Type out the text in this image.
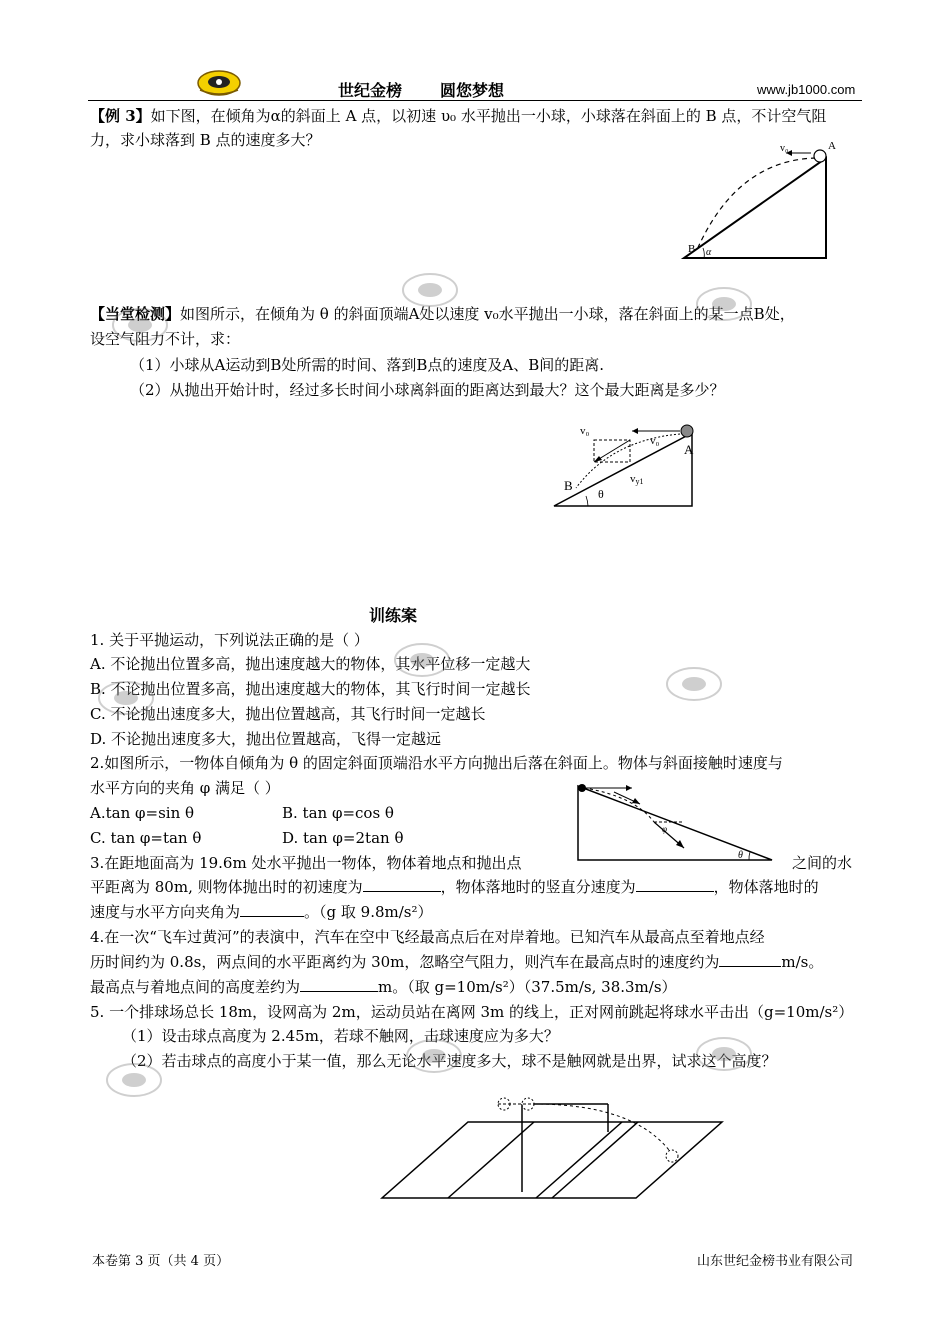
世纪金榜 圆您梦想	www.jb1000.com
【例 3】如下图，在倾角为α的斜面上 A 点，以初速 υ₀ 水平抛出一小球，小球落在斜面上的 B 点，不计空气阻
力，求小球落到 B 点的速度多大？	v₀	A
B α
【当堂检测】如图所示，在倾角为 θ 的斜面顶端A处以速度 v₀水平抛出一小球，落在斜面上的某一点B处，
设空气阻力不计，求：
（1）小球从A运动到B处所需的时间、落到B点的速度及A、B间的距离.
（2）从抛出开始计时，经过多长时间小球离斜面的距离达到最大？这个最大距离是多少？
v₀
v₀
vy1
A
B
θ
训练案
1. 关于平抛运动，下列说法正确的是（ ）
A. 不论抛出位置多高，抛出速度越大的物体，其水平位移一定越大
B. 不论抛出位置多高，抛出速度越大的物体，其飞行时间一定越长
C. 不论抛出速度多大，抛出位置越高，其飞行时间一定越长
D. 不论抛出速度多大，抛出位置越高，飞得一定越远
2.如图所示，一物体自倾角为 θ 的固定斜面顶端沿水平方向抛出后落在斜面上。物体与斜面接触时速度与
水平方向的夹角 φ 满足（ ）
A.tan φ=sin θ	B. tan φ=cos θ
C. tan φ=tan θ	D. tan φ=2tan θ	φ
θ
3.在距地面高为 19.6m 处水平抛出一物体，物体着地点和抛出点	之间的水
平距离为 80m, 则物体抛出时的初速度为	，物体落地时的竖直分速度为	，物体落地时的
速度与水平方向夹角为	。（g 取 9.8m/s²）
4.在一次“飞车过黄河”的表演中，汽车在空中飞经最高点后在对岸着地。已知汽车从最高点至着地点经
历时间约为 0.8s，两点间的水平距离约为 30m，忽略空气阻力，则汽车在最高点时的速度约为	m/s。
最高点与着地点间的高度差约为	m。（取 g=10m/s²）（37.5m/s, 38.3m/s）
5. 一个排球场总长 18m，设网高为 2m，运动员站在离网 3m 的线上，正对网前跳起将球水平击出（g=10m/s²）
（1）设击球点高度为 2.45m，若球不触网，击球速度应为多大？
（2）若击球点的高度小于某一值，那么无论水平速度多大，球不是触网就是出界，试求这个高度？
本卷第 3 页（共 4 页）	山东世纪金榜书业有限公司
